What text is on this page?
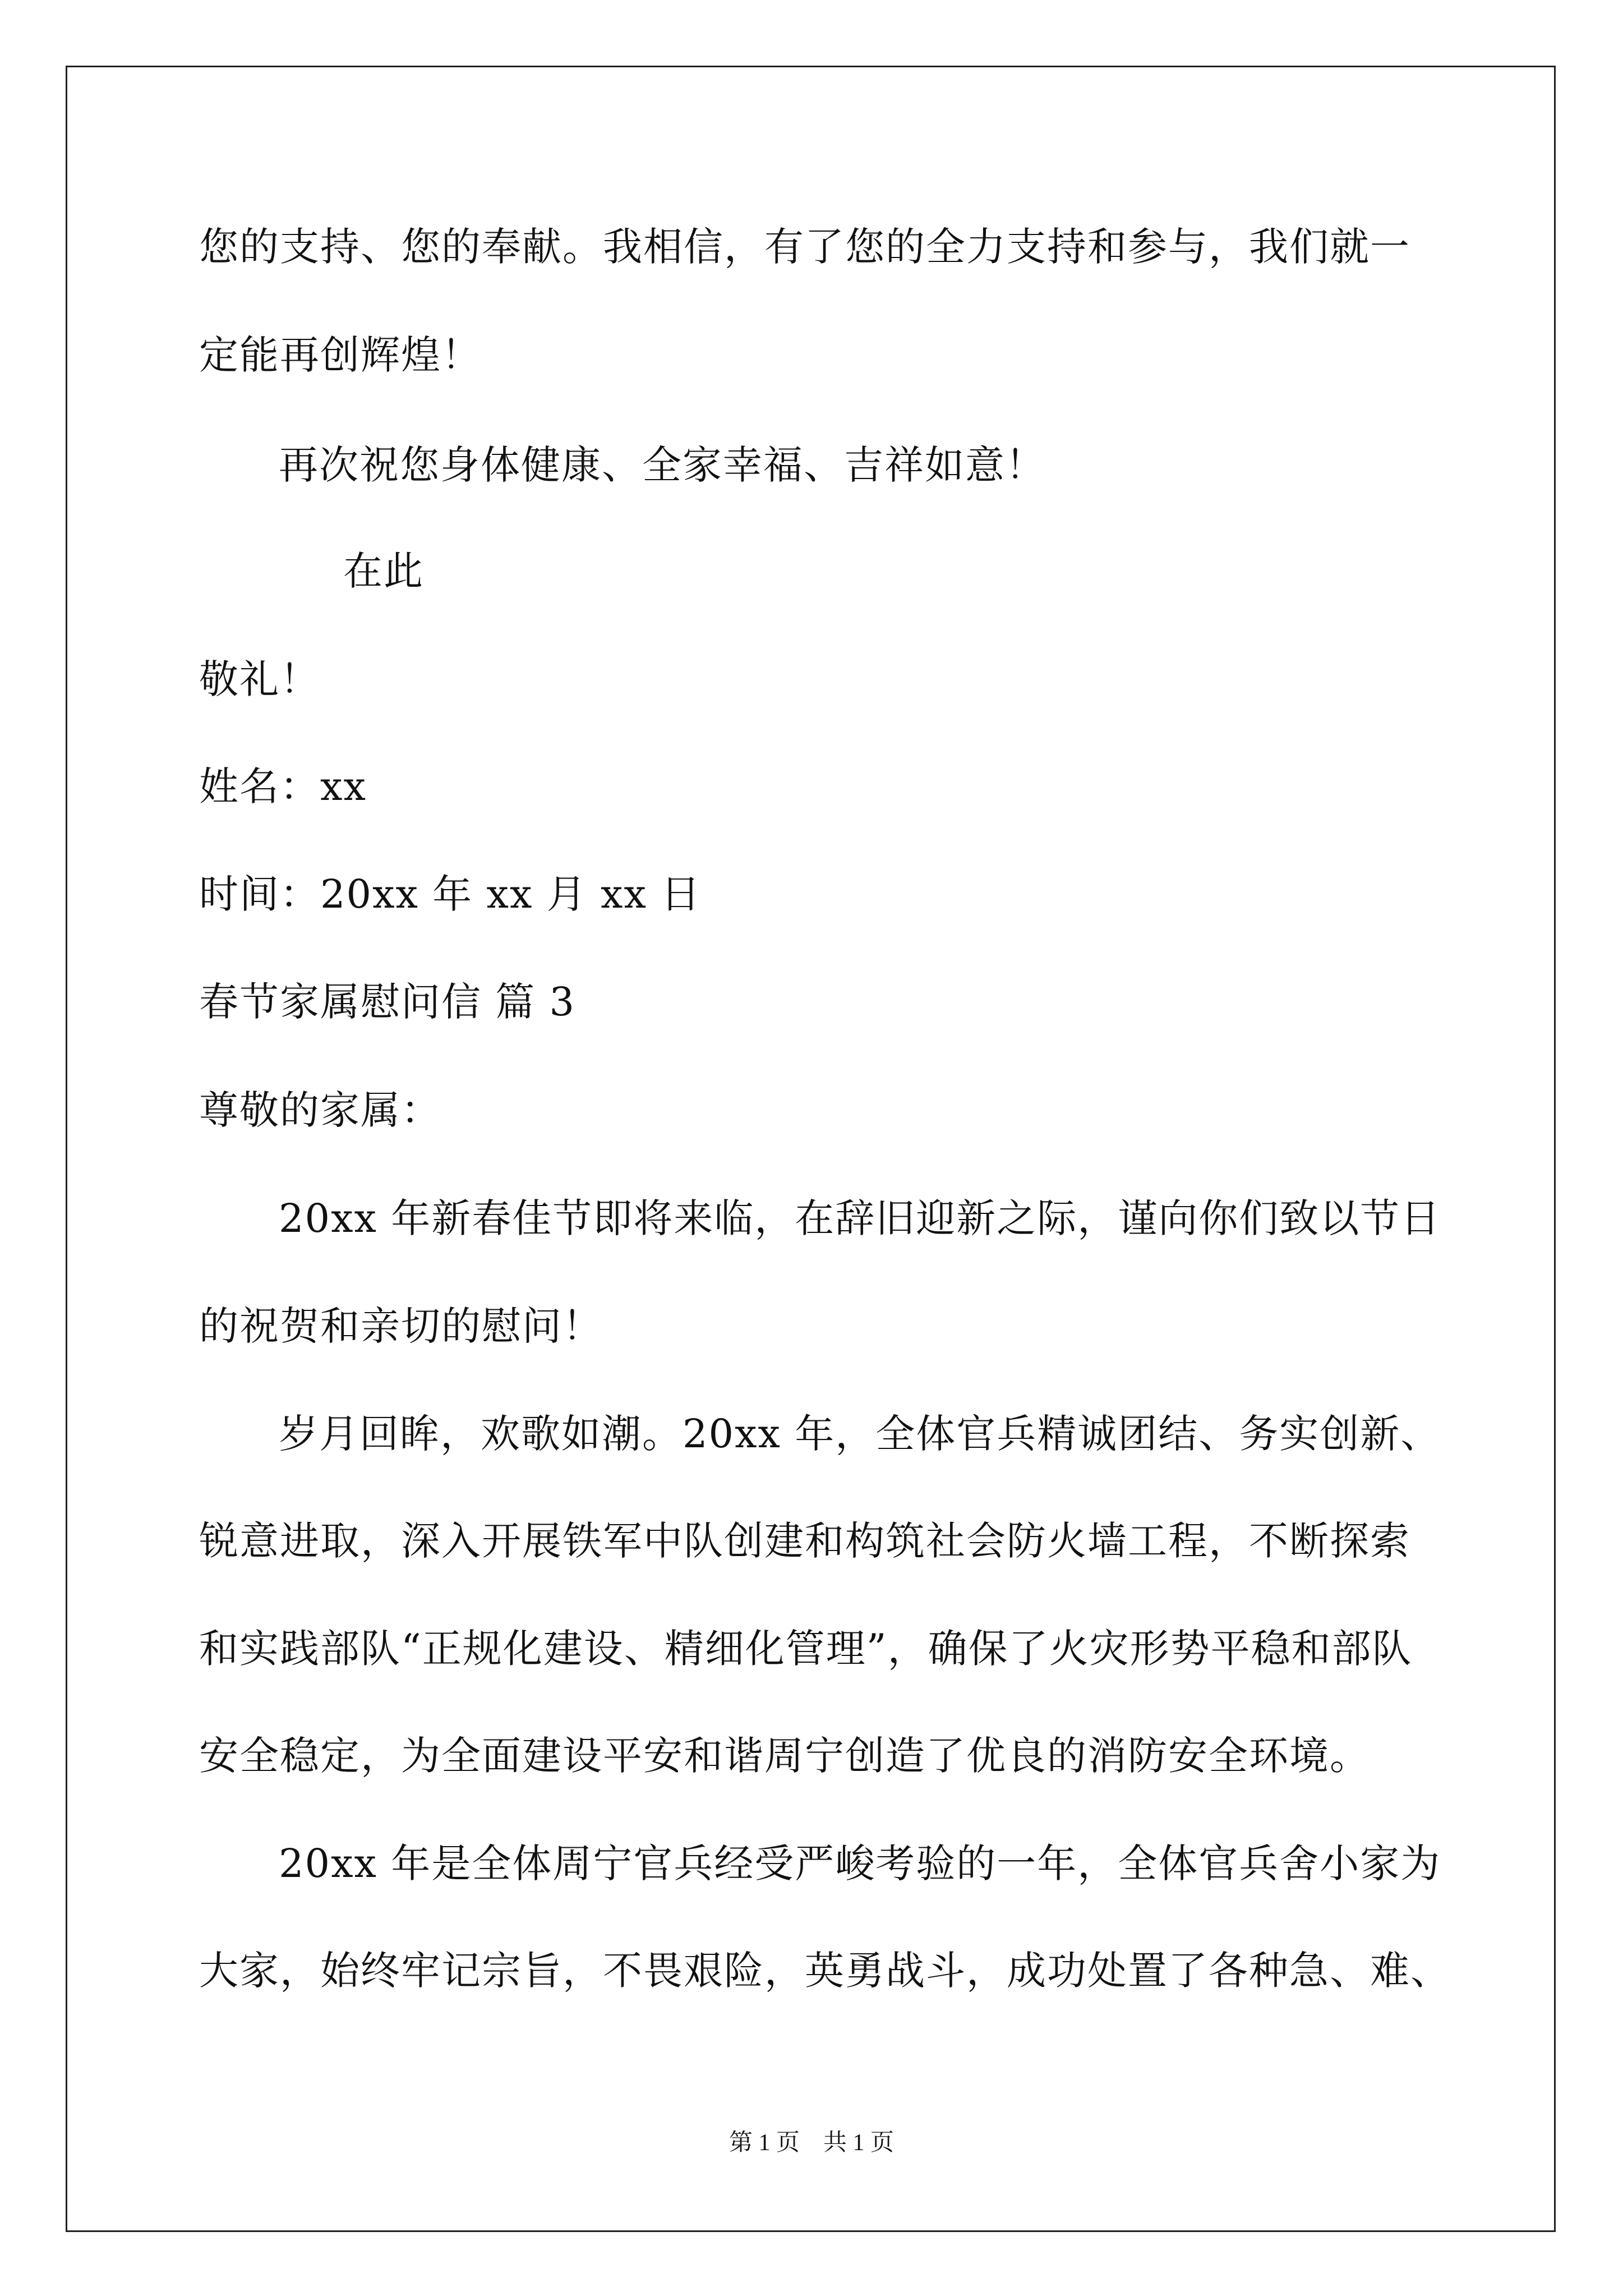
您的支持、您的奉献。我相信，有了您的全力支持和参与，我们就一
定能再创辉煌！
再次祝您身体健康、全家幸福、吉祥如意！
在此
敬礼！
姓名：xx
时间：20xx 年 xx 月 xx 日
春节家属慰问信 篇 3
尊敬的家属：
20xx 年新春佳节即将来临，在辞旧迎新之际，谨向你们致以节日
的祝贺和亲切的慰问！
岁月回眸，欢歌如潮。20xx 年，全体官兵精诚团结、务实创新、
锐意进取，深入开展铁军中队创建和构筑社会防火墙工程，不断探索
和实践部队“正规化建设、精细化管理”，确保了火灾形势平稳和部队
安全稳定，为全面建设平安和谐周宁创造了优良的消防安全环境。
20xx 年是全体周宁官兵经受严峻考验的一年，全体官兵舍小家为
大家，始终牢记宗旨，不畏艰险，英勇战斗，成功处置了各种急、难、
第 1 页    共 1 页
